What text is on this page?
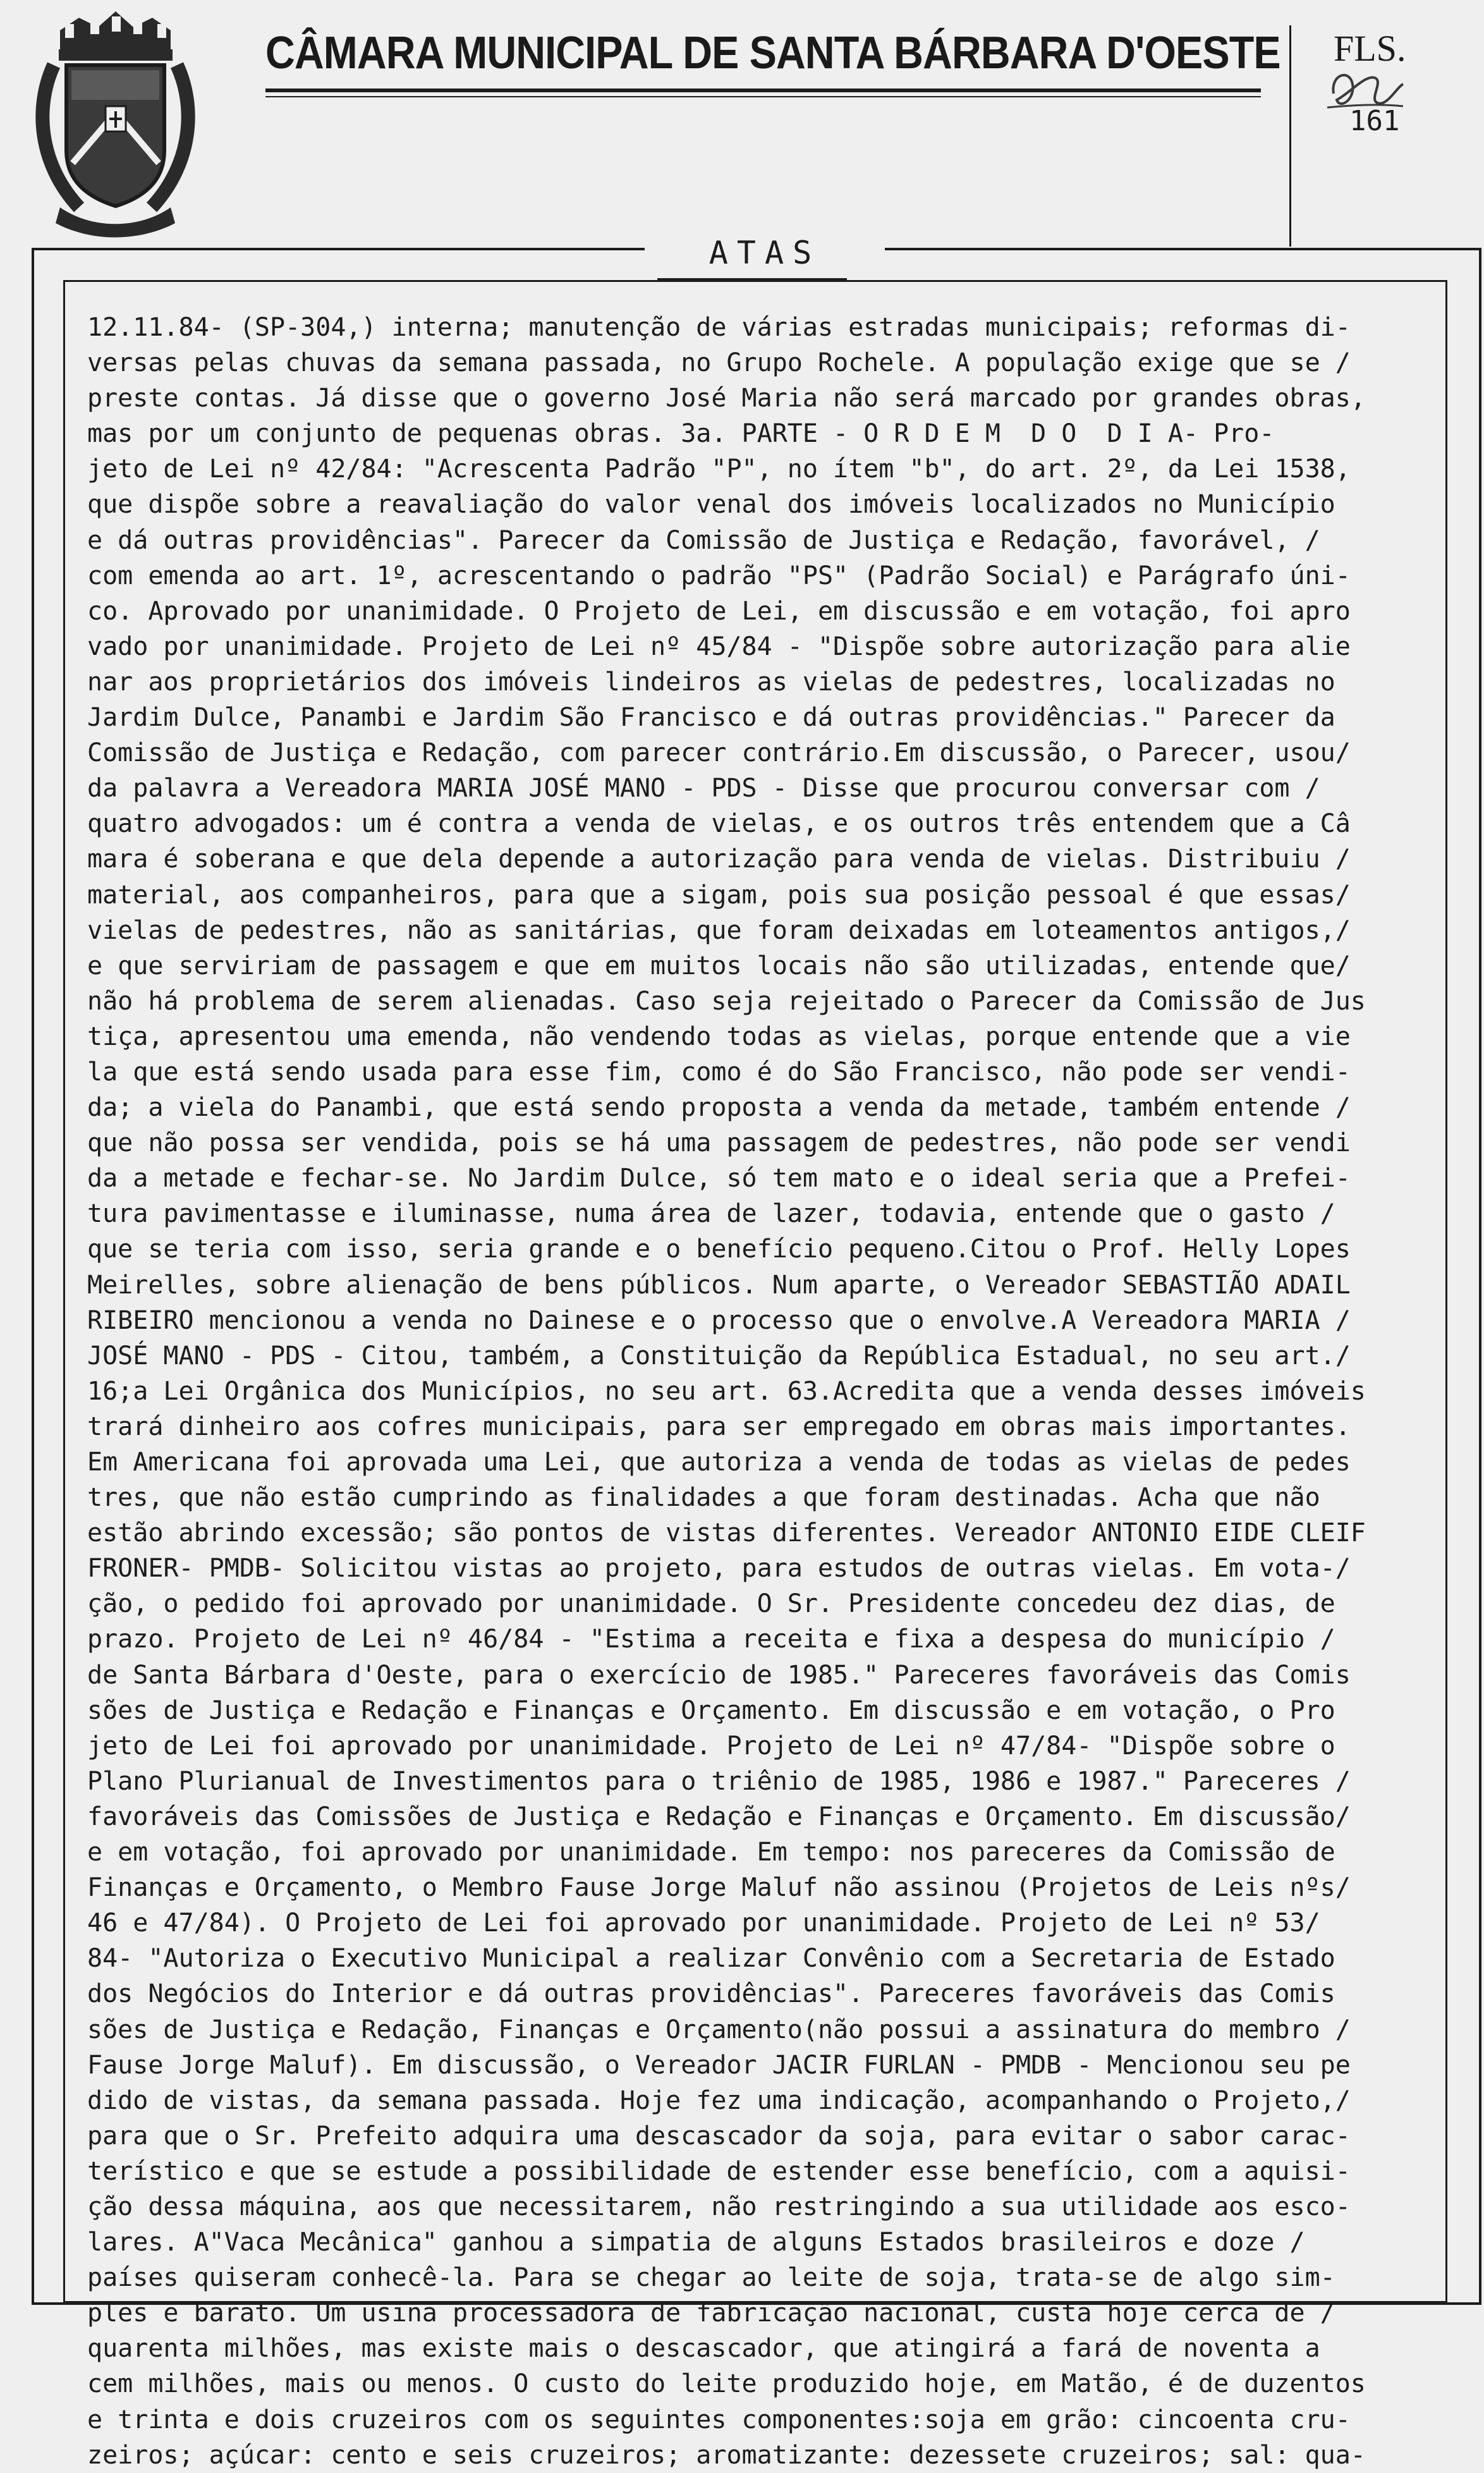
CÂMARA MUNICIPAL DE SANTA BÁRBARA D'OESTE FLS.
161
ATAS
12.11.84- (SP-304,) interna; manutenção de várias estradas municipais; reformas di-
versas pelas chuvas da semana passada, no Grupo Rochele. A população exige que se /
preste contas. Já disse que o governo José Maria não será marcado por grandes obras,
mas por um conjunto de pequenas obras. 3a. PARTE - O R D E M  D O  D I A- Pro-
jeto de Lei nº 42/84: "Acrescenta Padrão "P", no ítem "b", do art. 2º, da Lei 1538,
que dispõe sobre a reavaliação do valor venal dos imóveis localizados no Município
e dá outras providências". Parecer da Comissão de Justiça e Redação, favorável, /
com emenda ao art. 1º, acrescentando o padrão "PS" (Padrão Social) e Parágrafo úni-
co. Aprovado por unanimidade. O Projeto de Lei, em discussão e em votação, foi apro
vado por unanimidade. Projeto de Lei nº 45/84 - "Dispõe sobre autorização para alie
nar aos proprietários dos imóveis lindeiros as vielas de pedestres, localizadas no
Jardim Dulce, Panambi e Jardim São Francisco e dá outras providências." Parecer da
Comissão de Justiça e Redação, com parecer contrário.Em discussão, o Parecer, usou/
da palavra a Vereadora MARIA JOSÉ MANO - PDS - Disse que procurou conversar com /
quatro advogados: um é contra a venda de vielas, e os outros três entendem que a Câ
mara é soberana e que dela depende a autorização para venda de vielas. Distribuiu /
material, aos companheiros, para que a sigam, pois sua posição pessoal é que essas/
vielas de pedestres, não as sanitárias, que foram deixadas em loteamentos antigos,/
e que serviriam de passagem e que em muitos locais não são utilizadas, entende que/
não há problema de serem alienadas. Caso seja rejeitado o Parecer da Comissão de Jus
tiça, apresentou uma emenda, não vendendo todas as vielas, porque entende que a vie
la que está sendo usada para esse fim, como é do São Francisco, não pode ser vendi-
da; a viela do Panambi, que está sendo proposta a venda da metade, também entende /
que não possa ser vendida, pois se há uma passagem de pedestres, não pode ser vendi
da a metade e fechar-se. No Jardim Dulce, só tem mato e o ideal seria que a Prefei-
tura pavimentasse e iluminasse, numa área de lazer, todavia, entende que o gasto /
que se teria com isso, seria grande e o benefício pequeno.Citou o Prof. Helly Lopes
Meirelles, sobre alienação de bens públicos. Num aparte, o Vereador SEBASTIÃO ADAIL
RIBEIRO mencionou a venda no Dainese e o processo que o envolve.A Vereadora MARIA /
JOSÉ MANO - PDS - Citou, também, a Constituição da República Estadual, no seu art./
16;a Lei Orgânica dos Municípios, no seu art. 63.Acredita que a venda desses imóveis
trará dinheiro aos cofres municipais, para ser empregado em obras mais importantes.
Em Americana foi aprovada uma Lei, que autoriza a venda de todas as vielas de pedes
tres, que não estão cumprindo as finalidades a que foram destinadas. Acha que não
estão abrindo excessão; são pontos de vistas diferentes. Vereador ANTONIO EIDE CLEIF
FRONER- PMDB- Solicitou vistas ao projeto, para estudos de outras vielas. Em vota-/
ção, o pedido foi aprovado por unanimidade. O Sr. Presidente concedeu dez dias, de
prazo. Projeto de Lei nº 46/84 - "Estima a receita e fixa a despesa do município /
de Santa Bárbara d'Oeste, para o exercício de 1985." Pareceres favoráveis das Comis
sões de Justiça e Redação e Finanças e Orçamento. Em discussão e em votação, o Pro
jeto de Lei foi aprovado por unanimidade. Projeto de Lei nº 47/84- "Dispõe sobre o
Plano Plurianual de Investimentos para o triênio de 1985, 1986 e 1987." Pareceres /
favoráveis das Comissões de Justiça e Redação e Finanças e Orçamento. Em discussão/
e em votação, foi aprovado por unanimidade. Em tempo: nos pareceres da Comissão de
Finanças e Orçamento, o Membro Fause Jorge Maluf não assinou (Projetos de Leis nºs/
46 e 47/84). O Projeto de Lei foi aprovado por unanimidade. Projeto de Lei nº 53/
84- "Autoriza o Executivo Municipal a realizar Convênio com a Secretaria de Estado
dos Negócios do Interior e dá outras providências". Pareceres favoráveis das Comis
sões de Justiça e Redação, Finanças e Orçamento(não possui a assinatura do membro /
Fause Jorge Maluf). Em discussão, o Vereador JACIR FURLAN - PMDB - Mencionou seu pe
dido de vistas, da semana passada. Hoje fez uma indicação, acompanhando o Projeto,/
para que o Sr. Prefeito adquira uma descascador da soja, para evitar o sabor carac-
terístico e que se estude a possibilidade de estender esse benefício, com a aquisi-
ção dessa máquina, aos que necessitarem, não restringindo a sua utilidade aos esco-
lares. A"Vaca Mecânica" ganhou a simpatia de alguns Estados brasileiros e doze /
países quiseram conhecê-la. Para se chegar ao leite de soja, trata-se de algo sim-
ples e barato. Um usina processadora de fabricação nacional, custa hoje cerca de /
quarenta milhões, mas existe mais o descascador, que atingirá a fará de noventa a
cem milhões, mais ou menos. O custo do leite produzido hoje, em Matão, é de duzentos
e trinta e dois cruzeiros com os seguintes componentes:soja em grão: cincoenta cru-
zeiros; açúcar: cento e seis cruzeiros; aromatizante: dezessete cruzeiros; sal: qua-
